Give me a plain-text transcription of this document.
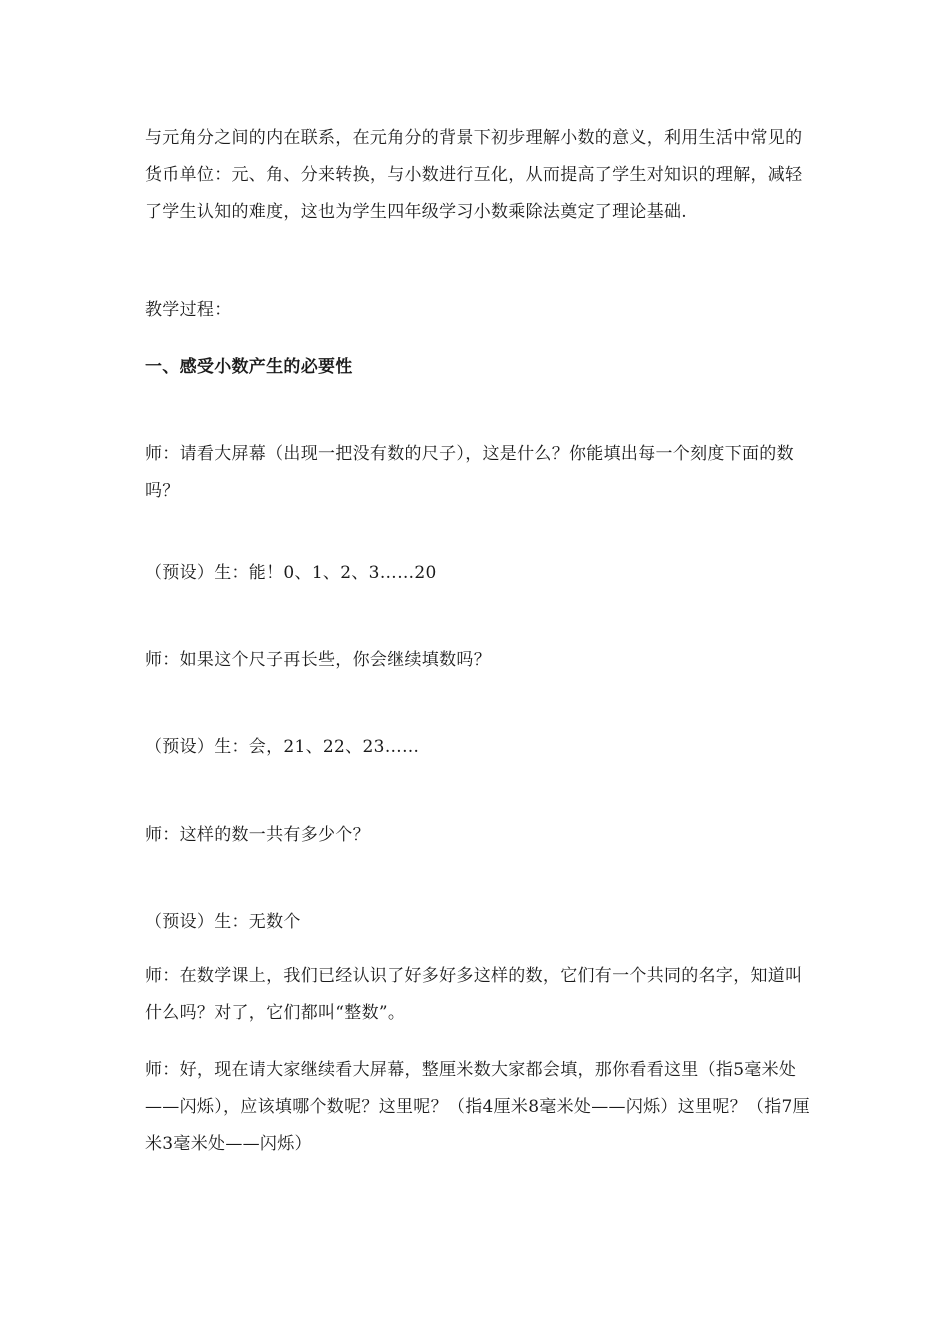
与元角分之间的内在联系，在元角分的背景下初步理解小数的意义，利用生活中常见的货币单位：元、角、分来转换，与小数进行互化，从而提高了学生对知识的理解，减轻了学生认知的难度，这也为学生四年级学习小数乘除法奠定了理论基础.

教学过程：

一、感受小数产生的必要性

师：请看大屏幕（出现一把没有数的尺子），这是什么？你能填出每一个刻度下面的数吗？

（预设）生：能！0、1、2、3……20

师：如果这个尺子再长些，你会继续填数吗？

（预设）生：会，21、22、23……

师：这样的数一共有多少个？

（预设）生：无数个

师：在数学课上，我们已经认识了好多好多这样的数，它们有一个共同的名字，知道叫什么吗？对了，它们都叫“整数”。

师：好，现在请大家继续看大屏幕，整厘米数大家都会填，那你看看这里（指5毫米处——闪烁），应该填哪个数呢？这里呢？（指4厘米8毫米处——闪烁）这里呢？（指7厘米3毫米处——闪烁）
